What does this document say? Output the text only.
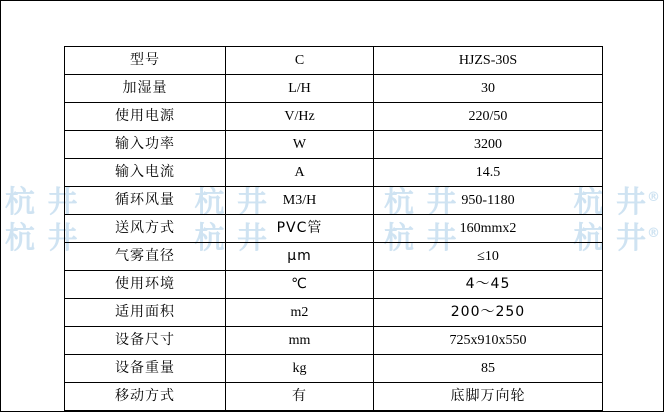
杭 井	杭 井	杭 井	杭 井®
杭 井	杭 井	杭 井	杭 井®
型号	C	HJZS-30S
加湿量	L/H	30
使用电源	V/Hz	220/50
输入功率	W	3200
输入电流	A	14.5
循环风量	M3/H	950-1180
送风方式	PVC管	160mmx2
气雾直径	μm	≤10
使用环境	℃	4～45
适用面积	m2	200～250
设备尺寸	mm	725x910x550
设备重量	kg	85
移动方式	有	底脚万向轮
